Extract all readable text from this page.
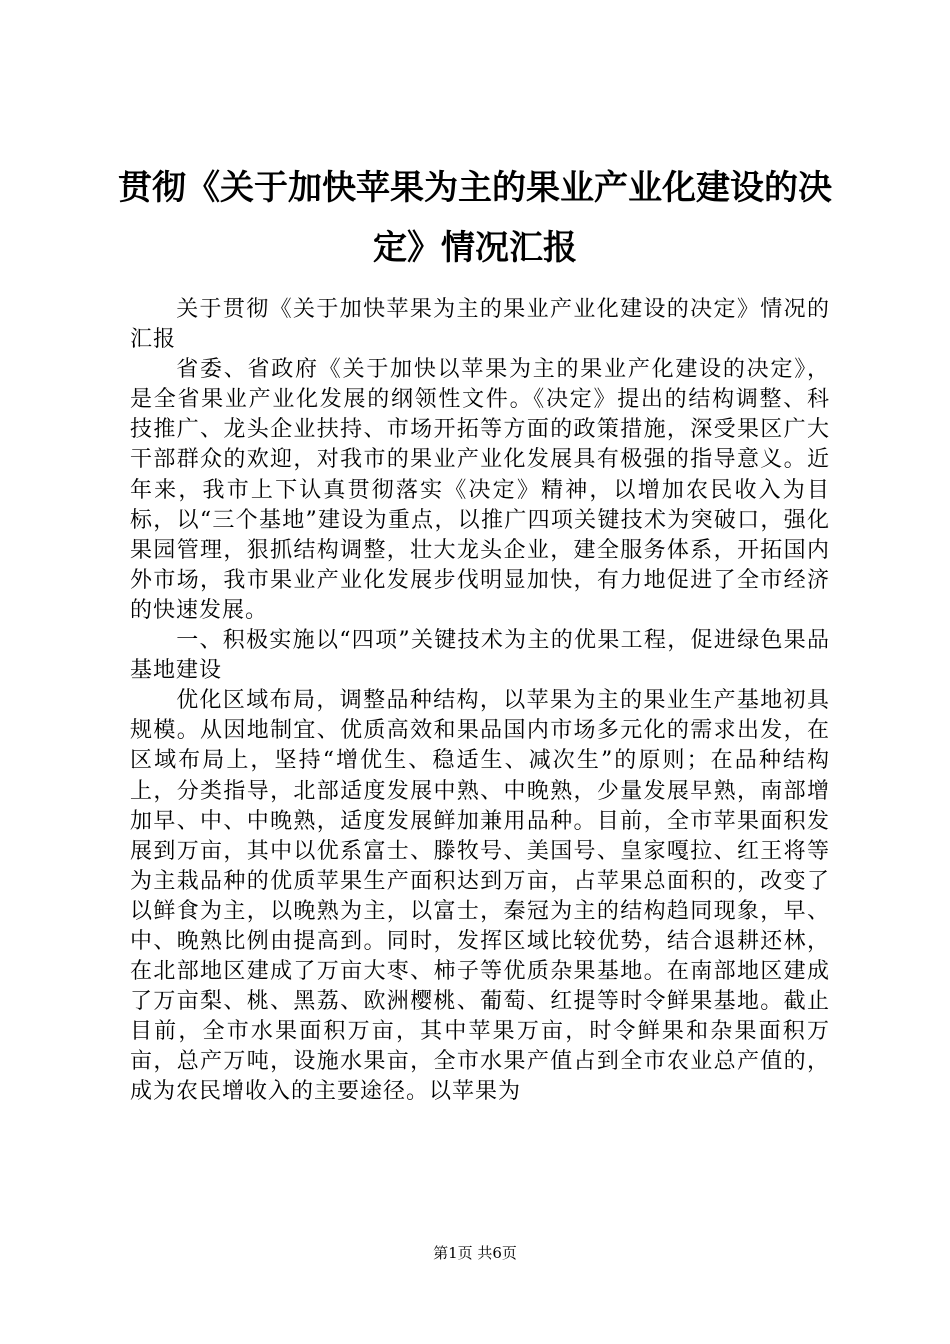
贯彻《关于加快苹果为主的果业产业化建设的决定》情况汇报

关于贯彻《关于加快苹果为主的果业产业化建设的决定》情况的汇报

省委、省政府《关于加快以苹果为主的果业产化建设的决定》，是全省果业产业化发展的纲领性文件。《决定》提出的结构调整、科技推广、龙头企业扶持、市场开拓等方面的政策措施，深受果区广大干部群众的欢迎，对我市的果业产业化发展具有极强的指导意义。近年来，我市上下认真贯彻落实《决定》精神，以增加农民收入为目标，以“三个基地”建设为重点，以推广四项关键技术为突破口，强化果园管理，狠抓结构调整，壮大龙头企业，建全服务体系，开拓国内外市场，我市果业产业化发展步伐明显加快，有力地促进了全市经济的快速发展。

一、积极实施以“四项”关键技术为主的优果工程，促进绿色果品基地建设

优化区域布局，调整品种结构，以苹果为主的果业生产基地初具规模。从因地制宜、优质高效和果品国内市场多元化的需求出发，在区域布局上，坚持“增优生、稳适生、减次生”的原则；在品种结构上，分类指导，北部适度发展中熟、中晚熟，少量发展早熟，南部增加早、中、中晚熟，适度发展鲜加兼用品种。目前，全市苹果面积发展到万亩，其中以优系富士、滕牧号、美国号、皇家嘎拉、红王将等为主栽品种的优质苹果生产面积达到万亩，占苹果总面积的，改变了以鲜食为主，以晚熟为主，以富士，秦冠为主的结构趋同现象，早、中、晚熟比例由提高到。同时，发挥区域比较优势，结合退耕还林，在北部地区建成了万亩大枣、柿子等优质杂果基地。在南部地区建成了万亩梨、桃、黑荔、欧洲樱桃、葡萄、红提等时令鲜果基地。截止目前，全市水果面积万亩，其中苹果万亩，时令鲜果和杂果面积万亩，总产万吨，设施水果亩，全市水果产值占到全市农业总产值的，成为农民增收入的主要途径。以苹果为

第1页 共6页
